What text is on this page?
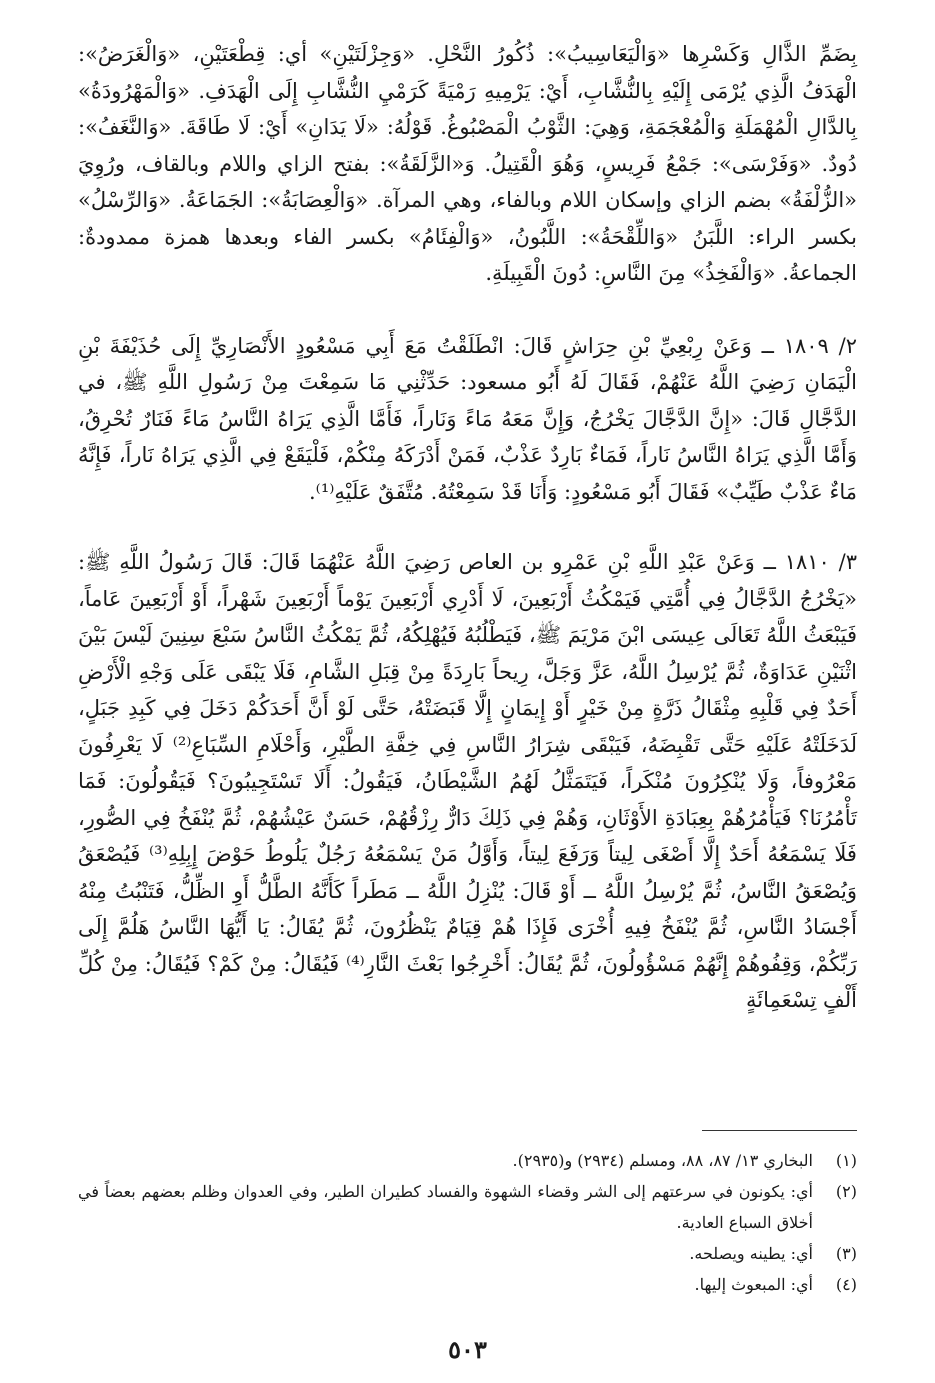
بِضَمِّ الذَّالِ وَكَسْرِها «وَالْيَعَاسِيبُ»: ذُكُورُ النَّحْلِ. «وَجِزْلَتَيْنِ» أي: قِطْعَتَيْنِ، «وَالْغَرَضُ»: الْهَدَفُ الَّذِي يُرْمَى إِلَيْهِ بِالنُّشَّابِ، أَيْ: يَرْمِيهِ رَمْيَةً كَرَمْيِ النُّشَّابِ إِلَى الْهَدَفِ. «وَالْمَهْرُودَةُ» بِالدَّالِ الْمُهْمَلَةِ وَالْمُعْجَمَةِ، وَهِيَ: الثَّوْبُ الْمَصْبُوغُ. قَوْلُهُ: «لَا يَدَانِ» أَيْ: لَا طَاقَةَ. «وَالنَّغَفُ»: دُودٌ. «وَفَرْسَى»: جَمْعُ فَرِيسٍ، وَهُوَ الْقَتِيلُ. وَ«الزَّلَقَةُ»: بفتح الزاي واللام وبالقاف، ورُوِيَ «الزُّلْفَةُ» بضم الزاي وإسكان اللام وبالفاء، وهي المرآة. «وَالْعِصَابَةُ»: الجَمَاعَةُ. «وَالرِّسْلُ» بكسر الراء: اللَّبَنُ «وَاللِّقْحَةُ»: اللَّبُونُ، «وَالْفِئَامُ» بكسر الفاء وبعدها همزة ممدودةٌ: الجماعةُ. «وَالْفَخِذُ» مِنَ النَّاسِ: دُونَ الْقَبِيلَةِ.

٢/ ١٨٠٩ ــ وَعَنْ رِبْعِيِّ بْنِ حِرَاشٍ قَالَ: انْطَلَقْتُ مَعَ أَبِي مَسْعُودٍ الأَنْصَارِيِّ إِلَى حُذَيْفَةَ بْنِ الْيَمَانِ رَضِيَ اللَّهُ عَنْهُمْ، فَقَالَ لَهُ أَبُو مسعود: حَدِّثْنِي مَا سَمِعْتَ مِنْ رَسُولِ اللَّهِ ﷺ، في الدَّجَّالِ قَالَ: «إِنَّ الدَّجَّالَ يَخْرُجُ، وَإِنَّ مَعَهُ مَاءً وَنَاراً، فَأَمَّا الَّذِي يَرَاهُ النَّاسُ مَاءً فَنَارٌ تُحْرِقُ، وَأَمَّا الَّذِي يَرَاهُ النَّاسُ نَاراً، فَمَاءٌ بَارِدٌ عَذْبٌ، فَمَنْ أَدْرَكَهُ مِنْكُمْ، فَلْيَقَعْ فِي الَّذِي يَرَاهُ نَاراً، فَإِنَّهُ مَاءٌ عَذْبٌ طَيِّبٌ» فَقَالَ أَبُو مَسْعُودٍ: وَأَنَا قَدْ سَمِعْتُهُ. مُتَّفَقٌ عَلَيْهِ⁽¹⁾.

٣/ ١٨١٠ ــ وَعَنْ عَبْدِ اللَّهِ بْنِ عَمْرِو بن العاص رَضِيَ اللَّهُ عَنْهُمَا قَالَ: قَالَ رَسُولُ اللَّهِ ﷺ: «يَخْرُجُ الدَّجَّالُ فِي أُمَّتِي فَيَمْكُثُ أَرْبَعِينَ، لَا أَدْرِي أَرْبَعِينَ يَوْماً أَرْبَعِينَ شَهْراً، أَوْ أَرْبَعِينَ عَاماً، فَيَبْعَثُ اللَّهُ تَعَالَى عِيسَى ابْنَ مَرْيَمَ ﷺ، فَيَطْلُبُهُ فَيُهْلِكُهُ، ثُمَّ يَمْكُثُ النَّاسُ سَبْعَ سِنِينَ لَيْسَ بَيْنَ اثْنَيْنِ عَدَاوَةٌ، ثُمَّ يُرْسِلُ اللَّهُ، عَزَّ وَجَلَّ، رِيحاً بَارِدَةً مِنْ قِبَلِ الشَّامِ، فَلَا يَبْقَى عَلَى وَجْهِ الْأَرْضِ أَحَدٌ فِي قَلْبِهِ مِثْقَالُ ذَرَّةٍ مِنْ خَيْرٍ أَوْ إِيمَانٍ إِلَّا قَبَضَتْهُ، حَتَّى لَوْ أَنَّ أَحَدَكُمْ دَخَلَ فِي كَبِدِ جَبَلٍ، لَدَخَلَتْهُ عَلَيْهِ حَتَّى تَقْبِضَهُ، فَيَبْقَى شِرَارُ النَّاسِ فِي خِفَّةِ الطَّيْرِ، وَأَحْلَامِ السِّبَاعِ⁽²⁾ لَا يَعْرِفُونَ مَعْرُوفاً، وَلَا يُنْكِرُونَ مُنْكَراً، فَيَتَمَثَّلُ لَهُمُ الشَّيْطَانُ، فَيَقُولُ: أَلَا تَسْتَجِيبُونَ؟ فَيَقُولُونَ: فَمَا تَأْمُرُنَا؟ فَيَأْمُرُهُمْ بِعِبَادَةِ الأَوْثَانِ، وَهُمْ فِي ذَلِكَ دَارٌّ رِزْقُهُمْ، حَسَنٌ عَيْشُهُمْ، ثُمَّ يُنْفَخُ فِي الصُّورِ، فَلَا يَسْمَعُهُ أَحَدٌ إِلَّا أَصْغَى لِيتاً وَرَفَعَ لِيتاً، وَأَوَّلُ مَنْ يَسْمَعُهُ رَجُلٌ يَلُوطُ حَوْضَ إِبِلِهِ⁽³⁾ فَيُصْعَقُ وَيُصْعَقُ النَّاسُ، ثُمَّ يُرْسِلُ اللَّهُ ــ أَوْ قَالَ: يُنْزِلُ اللَّهُ ــ مَطَراً كَأَنَّهُ الطَّلُّ أَوِ الظِّلُّ، فَتَنْبُتُ مِنْهُ أَجْسَادُ النَّاسِ، ثُمَّ يُنْفَخُ فِيهِ أُخْرَى فَإِذَا هُمْ قِيَامٌ يَنْظُرُونَ، ثُمَّ يُقَالُ: يَا أَيُّهَا النَّاسُ هَلُمَّ إِلَى رَبِّكُمْ، وَقِفُوهُمْ إِنَّهُمْ مَسْؤُولُونَ، ثُمَّ يُقَالُ: أَخْرِجُوا بَعْثَ النَّارِ⁽⁴⁾ فَيُقَالُ: مِنْ كَمْ؟ فَيُقَالُ: مِنْ كُلِّ أَلْفٍ تِسْعَمِائَةٍ

(١)
البخاري ١٣/ ٨٧، ٨٨، ومسلم (٢٩٣٤) و(٢٩٣٥).
(٢)
أي: يكونون في سرعتهم إلى الشر وقضاء الشهوة والفساد كطيران الطير، وفي العدوان وظلم بعضهم بعضاً في أخلاق السباع العادية.
(٣)
أي: يطينه ويصلحه.
(٤)
أي: المبعوث إليها.
٥٠٣
